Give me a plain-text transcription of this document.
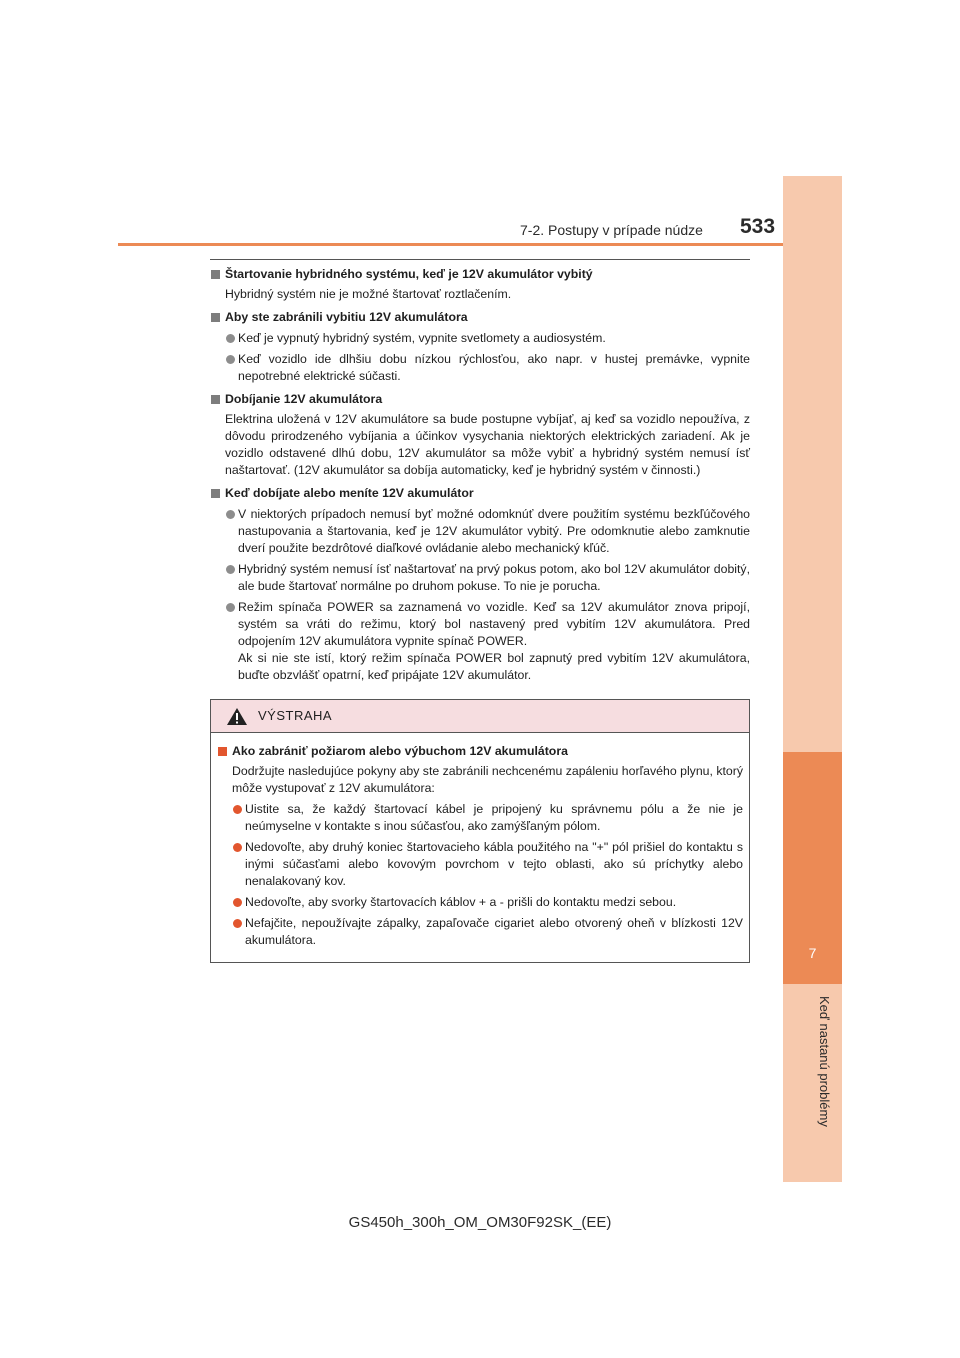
7
Keď nastanú problémy
7-2. Postupy v prípade núdze 533
Štartovanie hybridného systému, keď je 12V akumulátor vybitý
Hybridný systém nie je možné štartovať roztlačením.
Aby ste zabránili vybitiu 12V akumulátora
Keď je vypnutý hybridný systém, vypnite svetlomety a audiosystém.
Keď vozidlo ide dlhšiu dobu nízkou rýchlosťou, ako napr. v hustej premávke, vypnite nepotrebné elektrické súčasti.
Dobíjanie 12V akumulátora
Elektrina uložená v 12V akumulátore sa bude postupne vybíjať, aj keď sa vozidlo nepoužíva, z dôvodu prirodzeného vybíjania a účinkov vysychania niektorých elektrických zariadení. Ak je vozidlo odstavené dlhú dobu, 12V akumulátor sa môže vybiť a hybridný systém nemusí ísť naštartovať. (12V akumulátor sa dobíja automaticky, keď je hybridný systém v činnosti.)
Keď dobíjate alebo meníte 12V akumulátor
V niektorých prípadoch nemusí byť možné odomknúť dvere použitím systému bezkľúčového nastupovania a štartovania, keď je 12V akumulátor vybitý. Pre odomknutie alebo zamknutie dverí použite bezdrôtové diaľkové ovládanie alebo mechanický kľúč.
Hybridný systém nemusí ísť naštartovať na prvý pokus potom, ako bol 12V akumulátor dobitý, ale bude štartovať normálne po druhom pokuse. To nie je porucha.
Režim spínača POWER sa zaznamená vo vozidle. Keď sa 12V akumulátor znova pripojí, systém sa vráti do režimu, ktorý bol nastavený pred vybitím 12V akumulátora. Pred odpojením 12V akumulátora vypnite spínač POWER.
Ak si nie ste istí, ktorý režim spínača POWER bol zapnutý pred vybitím 12V akumulátora, buďte obzvlášť opatrní, keď pripájate 12V akumulátor.
VÝSTRAHA
Ako zabrániť požiarom alebo výbuchom 12V akumulátora
Dodržujte nasledujúce pokyny aby ste zabránili nechcenému zapáleniu horľavého plynu, ktorý môže vystupovať z 12V akumulátora:
Uistite sa, že každý štartovací kábel je pripojený ku správnemu pólu a že nie je neúmyselne v kontakte s inou súčasťou, ako zamýšľaným pólom.
Nedovoľte, aby druhý koniec štartovacieho kábla použitého na "+" pól prišiel do kontaktu s inými súčasťami alebo kovovým povrchom v tejto oblasti, ako sú príchytky alebo nenalakovaný kov.
Nedovoľte, aby svorky štartovacích káblov + a - prišli do kontaktu medzi sebou.
Nefajčite, nepoužívajte zápalky, zapaľovače cigariet alebo otvorený oheň v blízkosti 12V akumulátora.
GS450h_300h_OM_OM30F92SK_(EE)
